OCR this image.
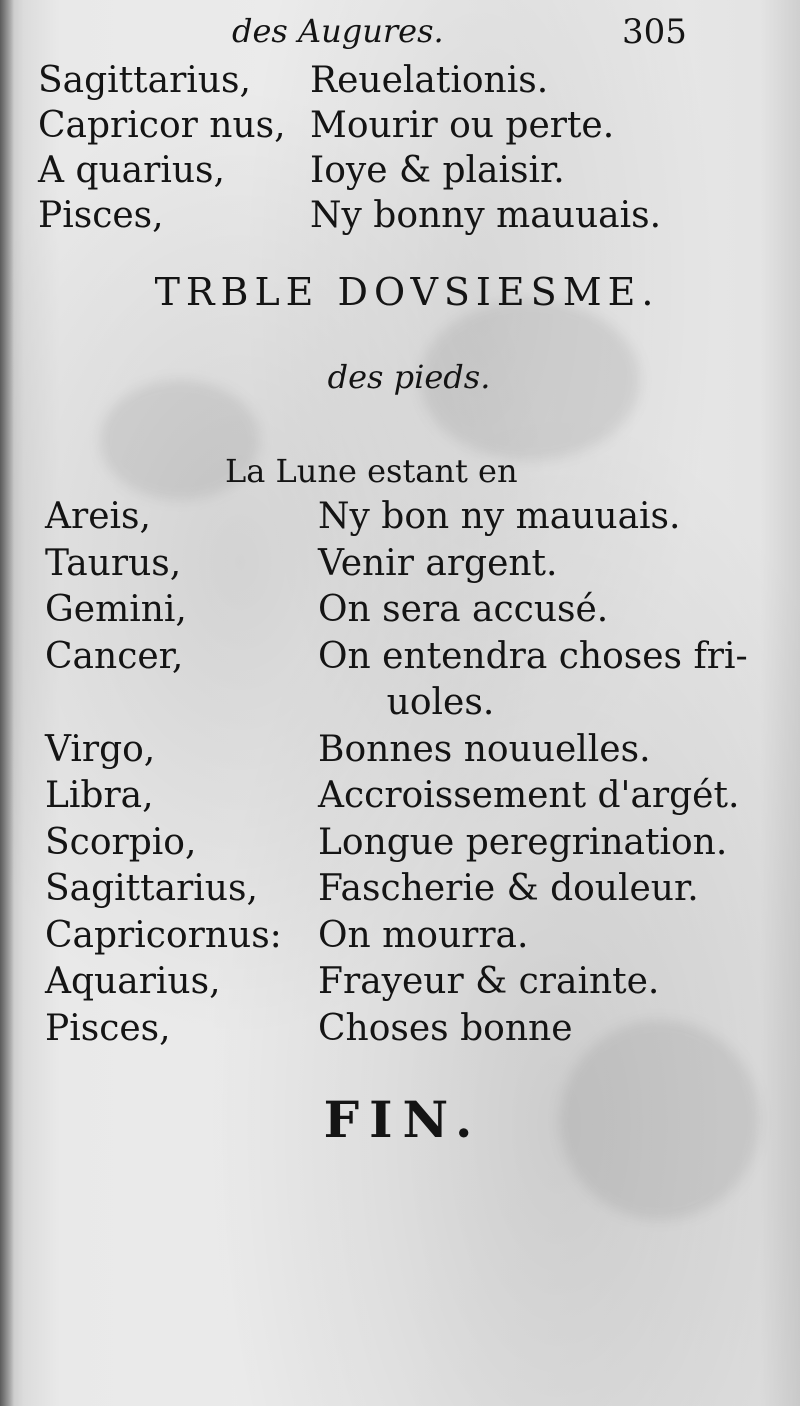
des Augures.	305
Sagittarius, Reuelationis.
Capricor nus, Mourir ou perte.
A quarius, Ioye & plaisir.
Pisces,	Ny bonny mauuais.
TRBLE DOVSIESME.
des pieds.
La Lune estant en
Areis,	Ny bon ny mauuais.
Taurus,	Venir argent.
Gemini,	On sera accusé.
Cancer,	On entendra choses fri-
uoles.
Virgo,	Bonnes nouuelles.
Libra,	Accroissement d'argét.
Scorpio,	Longue peregrination.
Sagittarius, Fascherie & douleur.
Capricornus: On mourra.
Aquarius,	Frayeur & crainte.
Pisces,	Choses bonne
FIN.
